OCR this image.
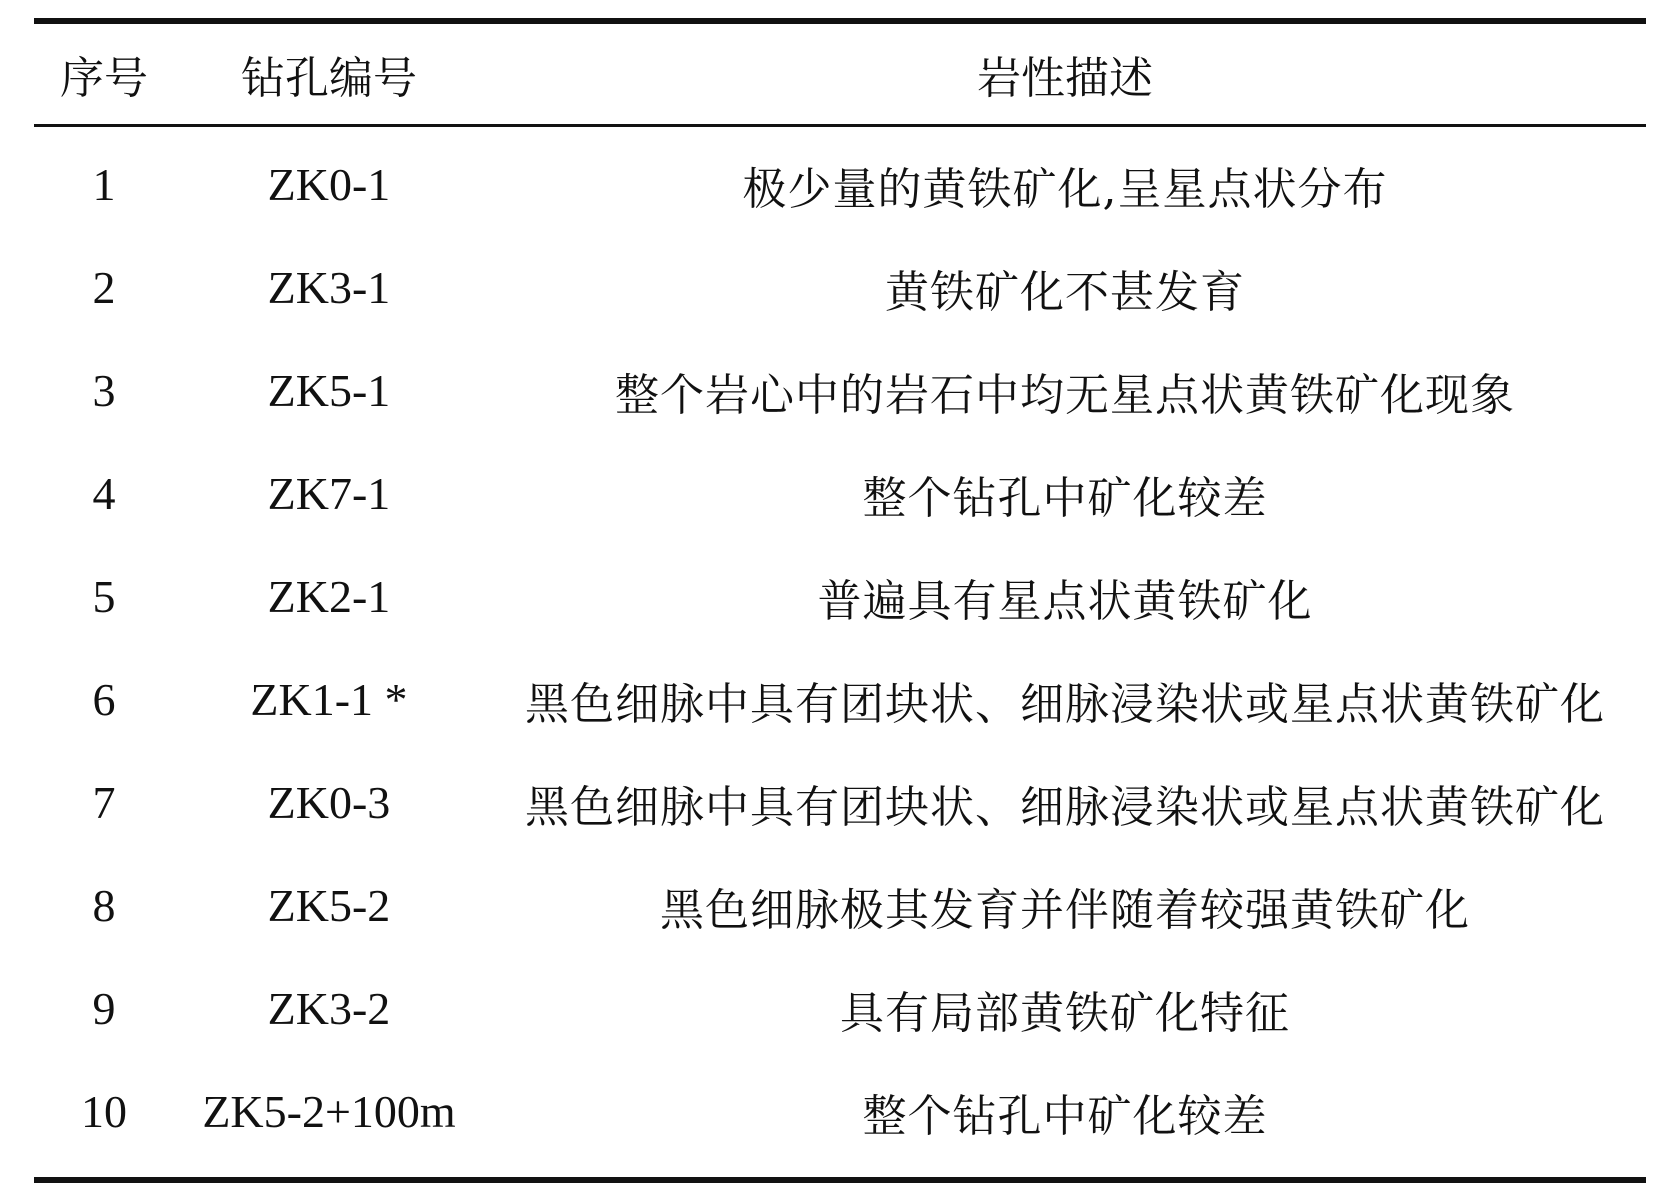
序号	钻孔编号	岩性描述
1	ZK0-1	极少量的黄铁矿化,呈星点状分布
2	ZK3-1	黄铁矿化不甚发育
3	ZK5-1	整个岩心中的岩石中均无星点状黄铁矿化现象
4	ZK7-1	整个钻孔中矿化较差
5	ZK2-1	普遍具有星点状黄铁矿化
6	ZK1-1 *	黑色细脉中具有团块状、细脉浸染状或星点状黄铁矿化
7	ZK0-3	黑色细脉中具有团块状、细脉浸染状或星点状黄铁矿化
8	ZK5-2	黑色细脉极其发育并伴随着较强黄铁矿化
9	ZK3-2	具有局部黄铁矿化特征
10	ZK5-2+100m	整个钻孔中矿化较差
